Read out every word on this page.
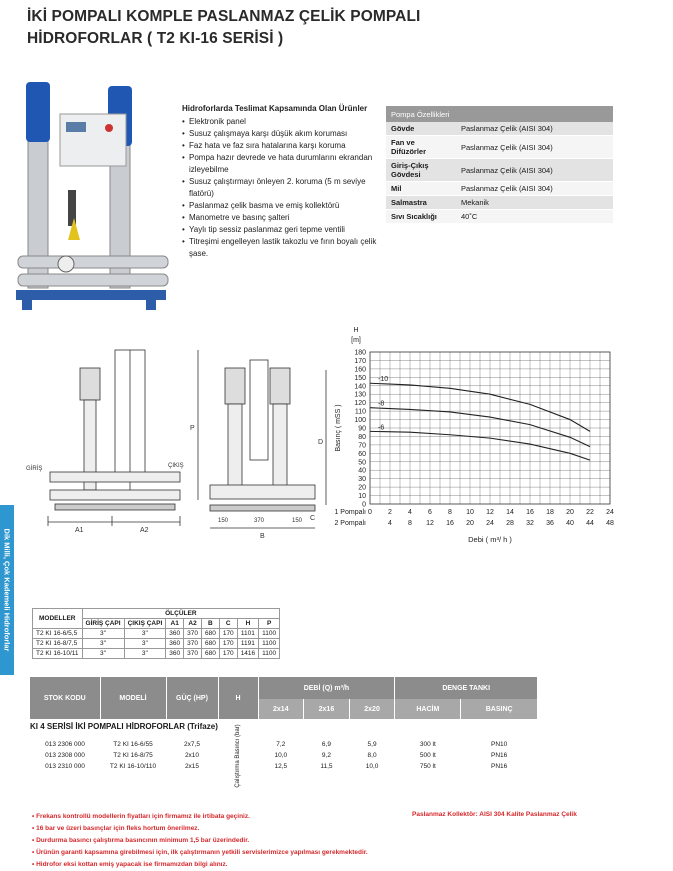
İKİ POMPALI KOMPLE PASLANMAZ ÇELİK POMPALI
HİDROFORLAR ( T2 KI-16 SERİSİ )
Dik Milli, Çok Kademeli Hidroforlar
Hidroforlarda Teslimat Kapsamında Olan Ürünler
• Elektronik panel
• Susuz çalışmaya karşı düşük akım koruması
• Faz hata ve faz sıra hatalarına karşı koruma
• Pompa hazır devrede ve hata durumlarını ekrandan izleyebilme
• Susuz çalıştırmayı önleyen 2. koruma (5 m seviye flatörü)
• Paslanmaz çelik basma ve emiş kollektörü
• Manometre ve basınç şalteri
• Yaylı tip sessiz paslanmaz geri tepme ventili
• Titreşimi engelleyen lastik takozlu ve fırın boyalı çelik şase.
Pompa Özellikleri	
Gövde	Paslanmaz Çelik (AISI 304)
Fan ve Difüzörler	Paslanmaz Çelik (AISI 304)
Giriş-Çıkış Gövdesi	Paslanmaz Çelik (AISI 304)
Mil	Paslanmaz Çelik (AISI 304)
Salmastra	Mekanik
Sıvı Sıcaklığı	40˚C
A1	A2
GİRİŞ	ÇIKIŞ
P
D
B
150	370	150 C
0
10
20
30
40
50
60
70
80
90
100
110
120
130
140
150
160
170
180
H
[m]
Basınç ( mSS )
1 Pompalı 0 2 4 6 8 10 12 14 16 18 20 22 24
2 Pompalı	4 8 12 16 20 24 28 32 36 40 44 48
Debi ( m³/ h )
-10
-8
-6
MODELLER	ÖLÇÜLER							
	GİRİŞ ÇAPI	ÇIKIŞ ÇAPI	A1	A2	B	C	H	P
T2 KI 16-6/5,5	3''	3''	360	370	680	170	1101	1100
T2 KI 16-8/7,5	3''	3''	360	370	680	170	1191	1100
T2 KI 16-10/11	3''	3''	360	370	680	170	1416	1100
STOK KODU	MODELİ	GÜÇ (HP)	H	DEBİ (Q) m³/h			DENGE TANKI	
				2x14	2x16	2x20	HACİM	BASINÇ

013 2306 000	T2 KI 16-6/55	2x7,5	Çalıştırma Basıncı (bar)	7,2	6,9	5,9	300 lt	PN10
013 2308 000	T2 KI 16-8/75	2x10		10,0	9,2	8,0	500 lt	PN16
013 2310 000	T2 KI 16-10/110	2x15		12,5	11,5	10,0	750 lt	PN16
KI 4 SERİSİ İKİ POMPALI HİDROFORLAR (Trifaze)
• Frekans kontrollü modellerin fiyatları için firmamız ile irtibata geçiniz.
• 16 bar ve üzeri basınçlar için fleks hortum önerilmez.
• Durdurma basıncı çalıştırma basıncının minimum 1,5 bar üzerindedir.
• Ürünün garanti kapsamına girebilmesi için, ilk çalıştırmanın yetkili servislerimizce yapılması gerekmektedir.
• Hidrofor eksi kottan emiş yapacak ise firmamızdan bilgi alınız.
Paslanmaz Kollektör: AISI 304 Kalite Paslanmaz Çelik
